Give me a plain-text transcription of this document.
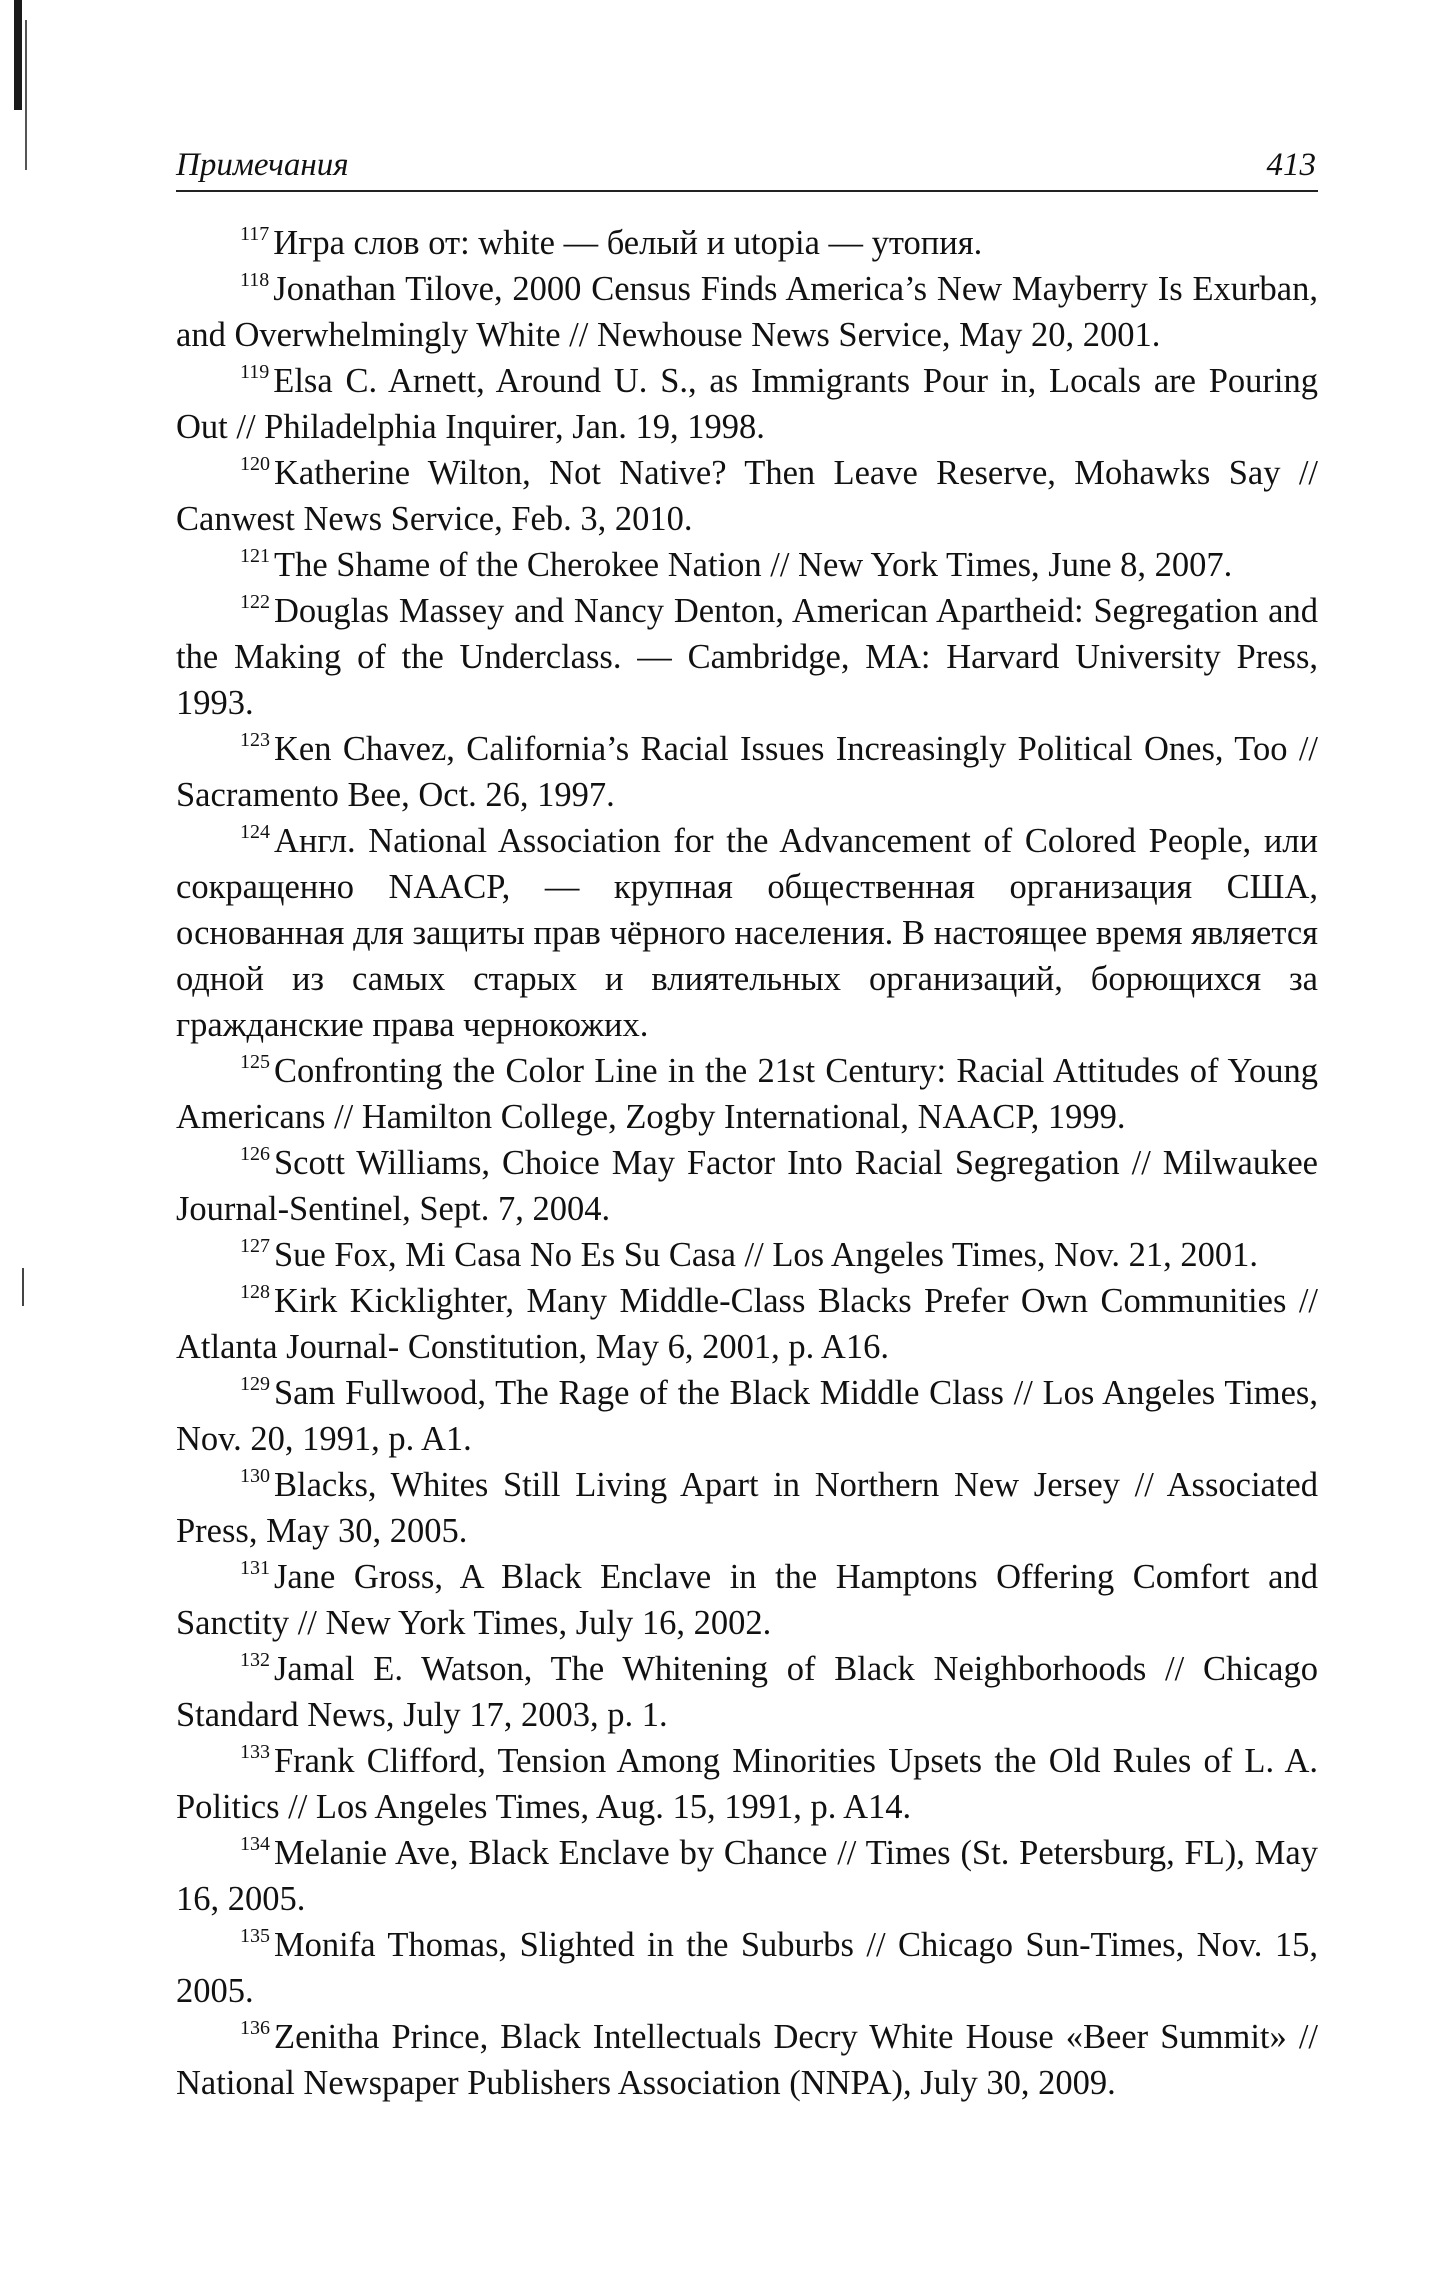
Примечания	413

$^{117}$ Игра слов от: white — белый и utopia — утопия.

$^{118}$ Jonathan Tilove, 2000 Census Finds America’s New Mayberry Is Exurban, and Overwhelmingly White // Newhouse News Service, May 20, 2001.

$^{119}$ Elsa C. Arnett, Around U. S., as Immigrants Pour in, Locals are Pouring Out // Philadelphia Inquirer, Jan. 19, 1998.

$^{120}$ Katherine Wilton, Not Native? Then Leave Reserve, Mohawks Say // Canwest News Service, Feb. 3, 2010.

$^{121}$ The Shame of the Cherokee Nation // New York Times, June 8, 2007.

$^{122}$ Douglas Massey and Nancy Denton, American Apartheid: Segregation and the Making of the Underclass. — Cambridge, MA: Harvard University Press, 1993.

$^{123}$ Ken Chavez, California’s Racial Issues Increasingly Political Ones, Too // Sacramento Bee, Oct. 26, 1997.

$^{124}$ Англ. National Association for the Advancement of Colored People, или сокращенно NAACP, — крупная общественная организация США, основанная для защиты прав чёрного населения. В настоящее время является одной из самых старых и влиятельных организаций, борющихся за гражданские права чернокожих.

$^{125}$ Confronting the Color Line in the 21st Century: Racial Attitudes of Young Americans // Hamilton College, Zogby International, NAACP, 1999.

$^{126}$ Scott Williams, Choice May Factor Into Racial Segregation // Milwaukee Journal-Sentinel, Sept. 7, 2004.

$^{127}$ Sue Fox, Mi Casa No Es Su Casa // Los Angeles Times, Nov. 21, 2001.

$^{128}$ Kirk Kicklighter, Many Middle-Class Blacks Prefer Own Communities // Atlanta Journal- Constitution, May 6, 2001, p. A16.

$^{129}$ Sam Fullwood, The Rage of the Black Middle Class // Los Angeles Times, Nov. 20, 1991, p. A1.

$^{130}$ Blacks, Whites Still Living Apart in Northern New Jersey // Associated Press, May 30, 2005.

$^{131}$ Jane Gross, A Black Enclave in the Hamptons Offering Comfort and Sanctity // New York Times, July 16, 2002.

$^{132}$ Jamal E. Watson, The Whitening of Black Neighborhoods // Chicago Standard News, July 17, 2003, p. 1.

$^{133}$ Frank Clifford, Tension Among Minorities Upsets the Old Rules of L. A. Politics // Los Angeles Times, Aug. 15, 1991, p. A14.

$^{134}$ Melanie Ave, Black Enclave by Chance // Times (St. Petersburg, FL), May 16, 2005.

$^{135}$ Monifa Thomas, Slighted in the Suburbs // Chicago Sun-Times, Nov. 15, 2005.

$^{136}$ Zenitha Prince, Black Intellectuals Decry White House «Beer Summit» // National Newspaper Publishers Association (NNPA), July 30, 2009.
